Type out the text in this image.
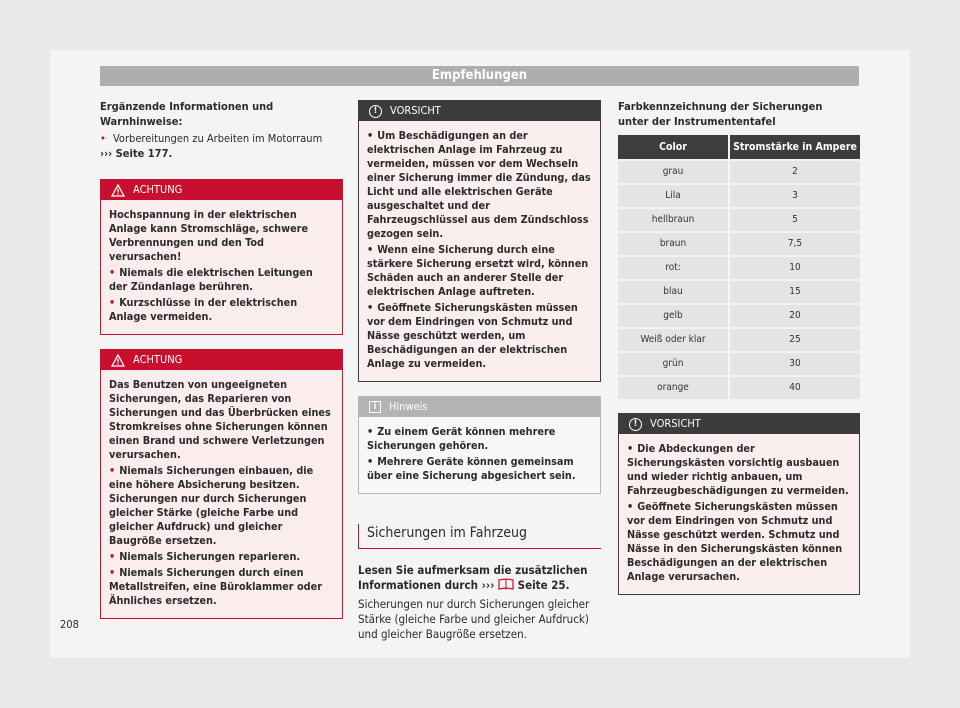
Empfehlungen

Ergänzende Informationen und Warnhinweise:

• Vorbereitungen zu Arbeiten im Motorraum

››› Seite 177.

ACHTUNG

Hochspannung in der elektrischen Anlage kann Stromschläge, schwere Verbrennungen und den Tod verursachen!

• Niemals die elektrischen Leitungen der Zündanlage berühren.

• Kurzschlüsse in der elektrischen Anlage vermeiden.

ACHTUNG

Das Benutzen von ungeeigneten Sicherungen, das Reparieren von Sicherungen und das Überbrücken eines Stromkreises ohne Sicherungen können einen Brand und schwere Verletzungen verursachen.

• Niemals Sicherungen einbauen, die eine höhere Absicherung besitzen. Sicherungen nur durch Sicherungen gleicher Stärke (gleiche Farbe und gleicher Aufdruck) und gleicher Baugröße ersetzen.

• Niemals Sicherungen reparieren.

• Niemals Sicherungen durch einen Metallstreifen, eine Büroklammer oder Ähnliches ersetzen.

!	VORSICHT

• Um Beschädigungen an der elektrischen Anlage im Fahrzeug zu vermeiden, müssen vor dem Wechseln einer Sicherung immer die Zündung, das Licht und alle elektrischen Geräte ausgeschaltet und der Fahrzeugschlüssel aus dem Zündschloss gezogen sein.

• Wenn eine Sicherung durch eine stärkere Sicherung ersetzt wird, können Schäden auch an anderer Stelle der elektrischen Anlage auftreten.

• Geöffnete Sicherungskästen müssen vor dem Eindringen von Schmutz und Nässe geschützt werden, um Beschädigungen an der elektrischen Anlage zu vermeiden.

i	Hinweis

• Zu einem Gerät können mehrere Sicherungen gehören.

• Mehrere Geräte können gemeinsam über eine Sicherung abgesichert sein.

Sicherungen im Fahrzeug

Lesen Sie aufmerksam die zusätzlichen Informationen durch ››› Seite 25.

Sicherungen nur durch Sicherungen gleicher Stärke (gleiche Farbe und gleicher Aufdruck) und gleicher Baugröße ersetzen.

Farbkennzeichnung der Sicherungen unter der Instrumententafel

Color	Stromstärke in Ampere
grau	2
Lila	3
hellbraun	5
braun	7,5
rot:	10
blau	15
gelb	20
Weiß oder klar	25
grün	30
orange	40
!	VORSICHT

• Die Abdeckungen der Sicherungskästen vorsichtig ausbauen und wieder richtig anbauen, um Fahrzeugbeschädigungen zu vermeiden.

• Geöffnete Sicherungskästen müssen vor dem Eindringen von Schmutz und Nässe geschützt werden. Schmutz und Nässe in den Sicherungskästen können Beschädigungen an der elektrischen Anlage verursachen.

208
